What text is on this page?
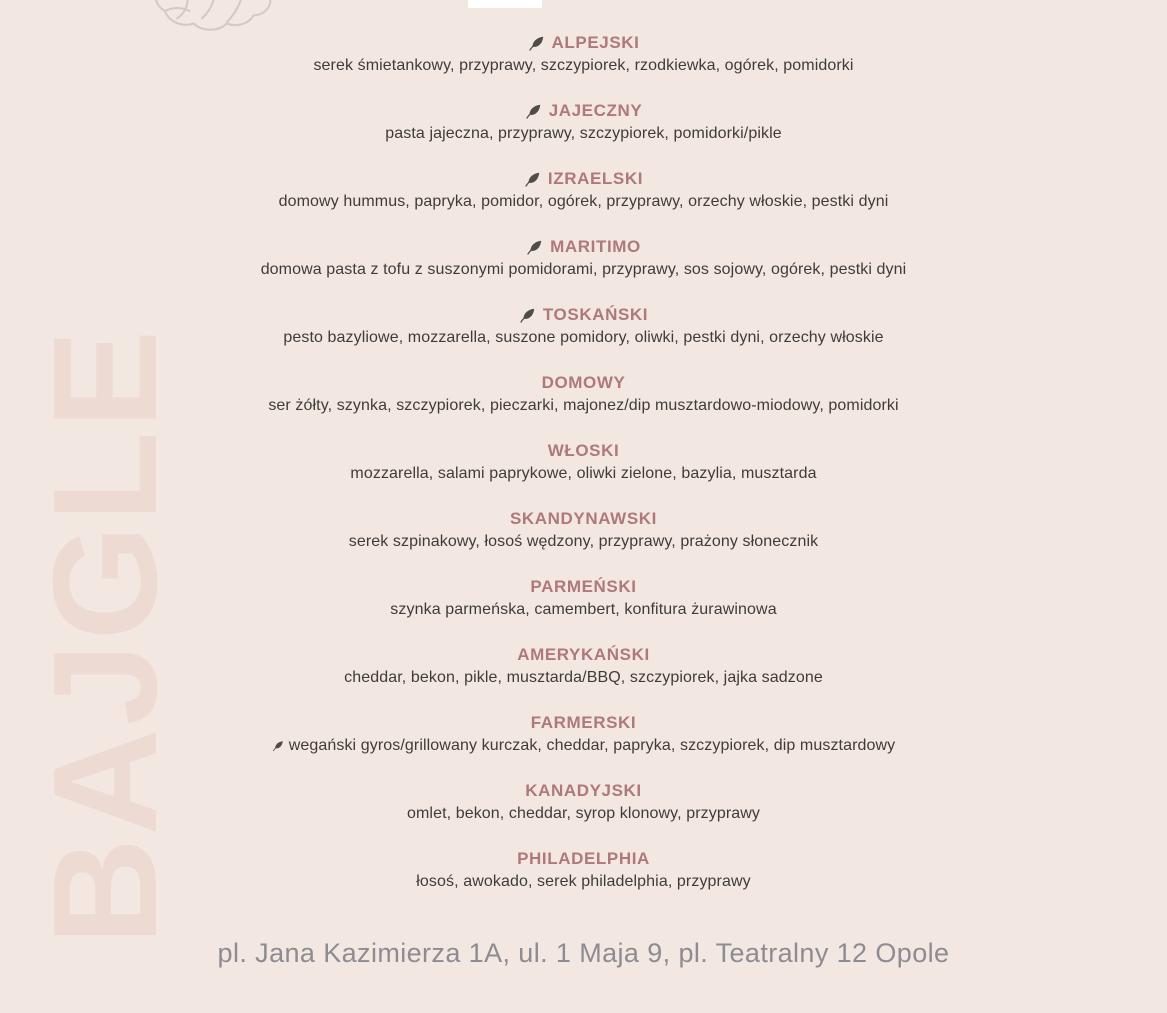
BAJGLE
ALPEJSKI
serek śmietankowy, przyprawy, szczypiorek, rzodkiewka, ogórek, pomidorki
JAJECZNY
pasta jajeczna, przyprawy, szczypiorek, pomidorki/pikle
IZRAELSKI
domowy hummus, papryka, pomidor, ogórek, przyprawy, orzechy włoskie, pestki dyni
MARITIMO
domowa pasta z tofu z suszonymi pomidorami, przyprawy, sos sojowy, ogórek, pestki dyni
TOSKAŃSKI
pesto bazyliowe, mozzarella, suszone pomidory, oliwki, pestki dyni, orzechy włoskie
DOMOWY
ser żółty, szynka, szczypiorek, pieczarki, majonez/dip musztardowo-miodowy, pomidorki
WŁOSKI
mozzarella, salami paprykowe, oliwki zielone, bazylia, musztarda
SKANDYNAWSKI
serek szpinakowy, łosoś wędzony, przyprawy, prażony słonecznik
PARMEŃSKI
szynka parmeńska, camembert, konfitura żurawinowa
AMERYKAŃSKI
cheddar, bekon, pikle, musztarda/BBQ, szczypiorek, jajka sadzone
FARMERSKI
wegański gyros/grillowany kurczak, cheddar, papryka, szczypiorek, dip musztardowy
KANADYJSKI
omlet, bekon, cheddar, syrop klonowy, przyprawy
PHILADELPHIA
łosoś, awokado, serek philadelphia, przyprawy
pl. Jana Kazimierza 1A, ul. 1 Maja 9, pl. Teatralny 12 Opole
